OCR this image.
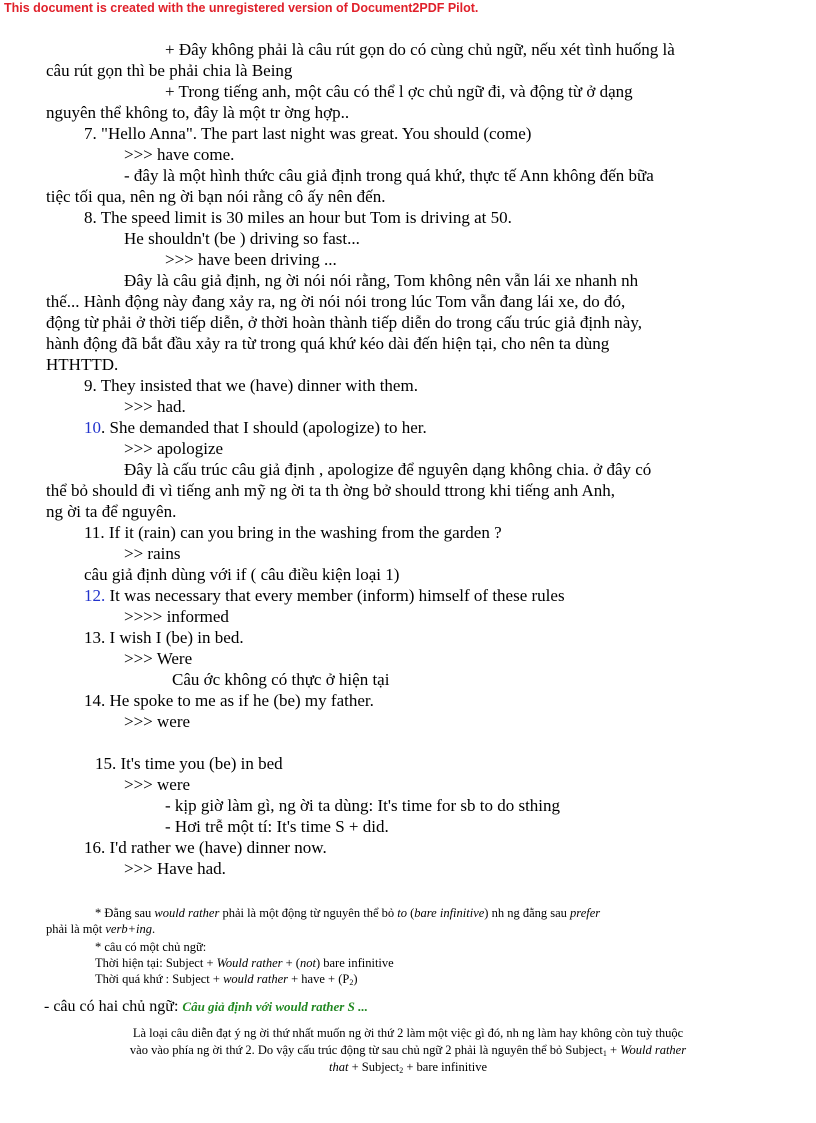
This document is created with the unregistered version of Document2PDF Pilot.
+ Đây không phải là câu rút gọn do có cùng chủ ngữ, nếu xét tình huống là
câu rút gọn thì be phải chia là Being
+ Trong tiếng anh, một câu có thể l ợc chủ ngữ đi, và động từ ở dạng
nguyên thể không to, đây là một tr ờng hợp..
7. "Hello Anna". The part last night was great. You should (come)
>>> have come.
- đây là một hình thức câu giả định trong quá khứ, thực tế Ann không đến bữa
tiệc tối qua, nên ng ời bạn nói rằng cô ấy nên đến.
8. The speed limit is 30 miles an hour but Tom is driving at 50.
He shouldn't (be ) driving so fast...
>>> have been driving ...
Đây là câu giả định, ng ời nói nói rằng, Tom không nên vẫn lái xe nhanh nh
thế... Hành động này đang xảy ra, ng ời nói nói trong lúc Tom vẫn đang lái xe, do đó,
động từ phải ở thời tiếp diễn, ở thời hoàn thành tiếp diễn do trong cấu trúc giả định này,
hành động đã bắt đầu xảy ra từ trong quá khứ kéo dài đến hiện tại, cho nên ta dùng
HTHTTD.
9. They insisted that we (have) dinner with them.
>>> had.
10. She demanded that I should (apologize) to her.
>>> apologize
Đây là cấu trúc câu giả định , apologize để nguyên dạng không chia. ở đây có
thể bỏ should đi vì tiếng anh mỹ ng ời ta th ờng bở should ttrong khi tiếng anh Anh,
ng ời ta để nguyên.
11. If it (rain) can you bring in the washing from the garden ?
>> rains
câu giả định dùng với if ( câu điều kiện loại 1)
12. It was necessary that every member (inform) himself of these rules
>>>> informed
13. I wish I (be) in bed.
>>> Were
Câu ớc không có thực ở hiện tại
14. He spoke to me as if he (be) my father.
>>> were
15. It's time you (be) in bed
>>> were
- kịp giờ làm gì, ng ời ta dùng: It's time for sb to do sthing
- Hơi trễ một tí: It's time S + did.
16. I'd rather we (have) dinner now.
>>> Have had.
* Đằng sau would rather phải là một động từ nguyên thể bỏ to (bare infinitive) nh ng đằng sau prefer
phải là một verb+ing.
* câu có một chủ ngữ:
Thời hiện tại: Subject + Would rather + (not) bare infinitive
Thời quá khứ : Subject + would rather + have + $(P_2)$
- câu có hai chủ ngữ: Câu giả định với would rather S ...
Là loại câu diễn đạt ý ng ời thứ nhất muốn ng ời thứ 2 làm một việc gì đó, nh ng làm hay không còn tuỳ thuộc
vào vào phía ng ời thứ 2. Do vậy cấu trúc động từ sau chủ ngữ 2 phải là nguyên thể bỏ Subject$_1$ + Would rather
that + Subject$_2$ + bare infinitive
